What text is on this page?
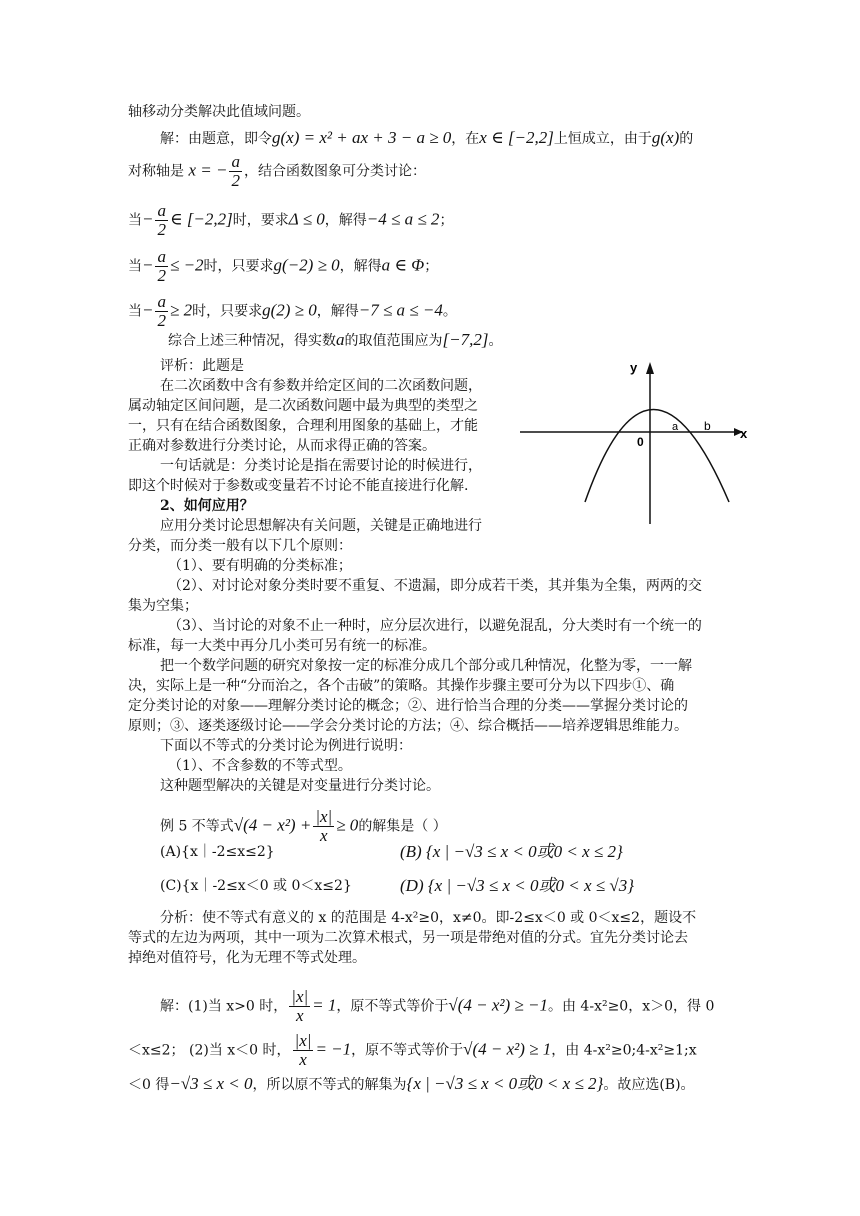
轴移动分类解决此值域问题。
解：由题意，即令g(x) = x² + ax + 3 − a ≥ 0，在x ∈ [−2,2]上恒成立，由于g(x)的
对称轴是 x = − $\frac{a}{2}$ ，结合函数图象可分类讨论：
当− $\frac{a}{2}$ ∈ [−2,2]时，要求Δ ≤ 0，解得−4 ≤ a ≤ 2；
当− $\frac{a}{2} \le -2$时，只要求g(−2) ≥ 0，解得a ∈ Φ；
当− $\frac{a}{2} \ge 2$时，只要求g(2) ≥ 0，解得−7 ≤ a ≤ −4。
综合上述三种情况，得实数a的取值范围应为[−7,2]。
评析：此题是
在二次函数中含有参数并给定区间的二次函数问题，
属动轴定区间问题，是二次函数问题中最为典型的类型之
一，只有在结合函数图象，合理利用图象的基础上，才能
正确对参数进行分类讨论，从而求得正确的答案。
一句话就是：分类讨论是指在需要讨论的时候进行，
即这个时候对于参数或变量若不讨论不能直接进行化解.
2、如何应用？
应用分类讨论思想解决有关问题，关键是正确地进行
分类，而分类一般有以下几个原则：
y
x
0
a b
（1）、要有明确的分类标准；
（2）、对讨论对象分类时要不重复、不遗漏，即分成若干类，其并集为全集，两两的交
集为空集；
（3）、当讨论的对象不止一种时，应分层次进行，以避免混乱，分大类时有一个统一的
标准，每一大类中再分几小类可另有统一的标准。
把一个数学问题的研究对象按一定的标准分成几个部分或几种情况，化整为零，一一解
决，实际上是一种“分而治之，各个击破”的策略。其操作步骤主要可分为以下四步①、确
定分类讨论的对象——理解分类讨论的概念；②、进行恰当合理的分类——掌握分类讨论的
原则；③、逐类逐级讨论——学会分类讨论的方法；④、综合概括——培养逻辑思维能力。
下面以不等式的分类讨论为例进行说明：
（1）、不含参数的不等式型。
这种题型解决的关键是对变量进行分类讨论。
例 5 不等式$√(4 - x^2) + \frac{|x|}{x} \ge 0$的解集是（ ）
(A){x｜-2≤x≤2}	(B) {x | −√3 ≤ x < 0或0 < x ≤ 2}
(C){x｜-2≤x＜0 或 0＜x≤2}	(D) {x | −√3 ≤ x < 0或0 < x ≤ √3}
分析：使不等式有意义的 x 的范围是 4-x²≥0，x≠0。即-2≤x＜0 或 0＜x≤2，题设不
等式的左边为两项，其中一项为二次算术根式，另一项是带绝对值的分式。宜先分类讨论去
掉绝对值符号，化为无理不等式处理。
解：(1)当 x>0 时， $\frac{|x|}{x} = 1$，原不等式等价于√(4 − x²) ≥ −1。由 4-x²≥0，x＞0，得 0
＜x≤2； (2)当 x＜0 时， $\frac{|x|}{x} = -1$，原不等式等价于√(4 − x²) ≥ 1，由 4-x²≥0;4-x²≥1;x
＜0 得−√3 ≤ x < 0，所以原不等式的解集为{x | −√3 ≤ x < 0或0 < x ≤ 2}。故应选(B)。
